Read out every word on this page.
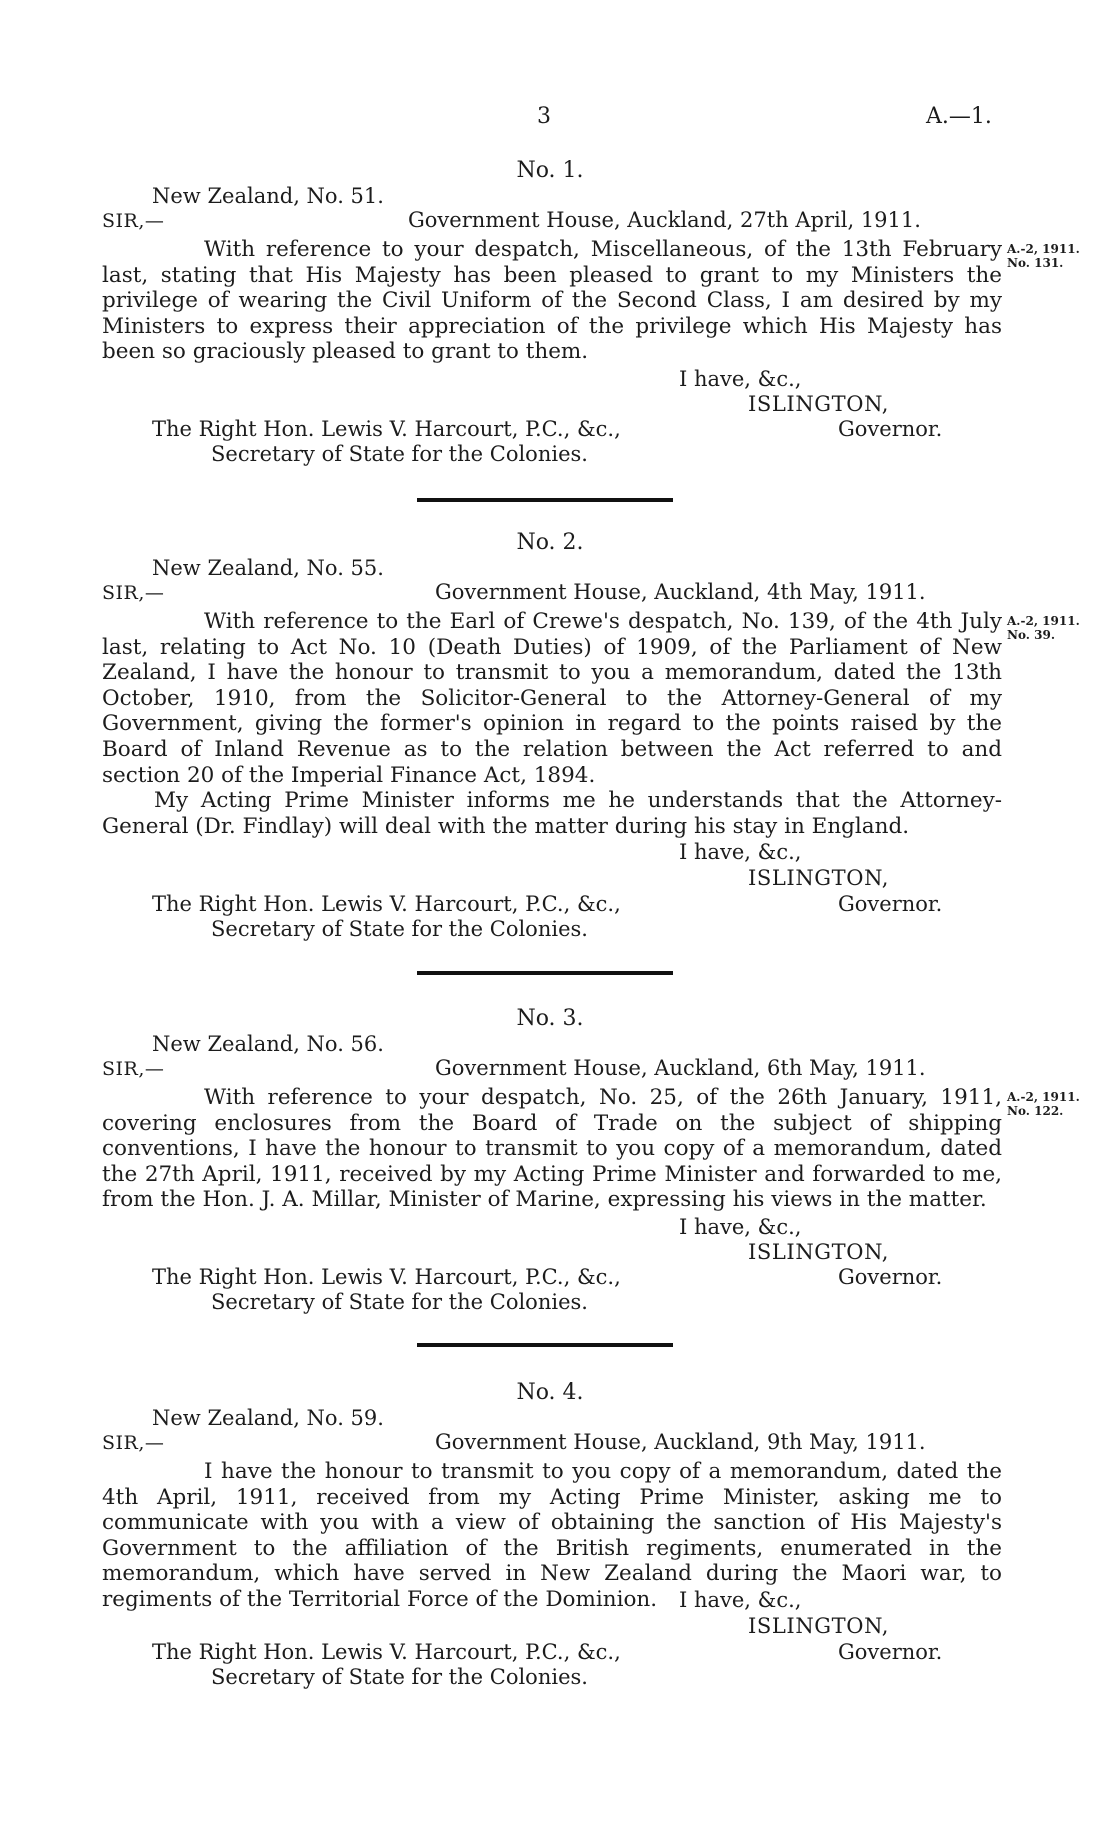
3	A.—1.
No. 1.
New Zealand, No. 51.
SIR,—	Government House, Auckland, 27th April, 1911.

With reference to your despatch, Miscellaneous, of the 13th February last, stating that His Majesty has been pleased to grant to my Ministers the privilege of wearing the Civil Uniform of the Second Class, I am desired by my Ministers to express their appreciation of the privilege which His Majesty has been so graciously pleased to grant to them.

A.-2, 1911.
No. 131.
I have, &c.,
ISLINGTON,
Governor.
The Right Hon. Lewis V. Harcourt, P.C., &c.,
Secretary of State for the Colonies.
No. 2.
New Zealand, No. 55.
SIR,—	Government House, Auckland, 4th May, 1911.

With reference to the Earl of Crewe's despatch, No. 139, of the 4th July last, relating to Act No. 10 (Death Duties) of 1909, of the Parliament of New Zealand, I have the honour to transmit to you a memorandum, dated the 13th October, 1910, from the Solicitor-General to the Attorney-General of my Government, giving the former's opinion in regard to the points raised by the Board of Inland Revenue as to the relation between the Act referred to and section 20 of the Imperial Finance Act, 1894.

My Acting Prime Minister informs me he understands that the Attorney-General (Dr. Findlay) will deal with the matter during his stay in England.

A.-2, 1911.
No. 39.
I have, &c.,
ISLINGTON,
Governor.
The Right Hon. Lewis V. Harcourt, P.C., &c.,
Secretary of State for the Colonies.
No. 3.
New Zealand, No. 56.
SIR,—	Government House, Auckland, 6th May, 1911.

With reference to your despatch, No. 25, of the 26th January, 1911, covering enclosures from the Board of Trade on the subject of shipping conventions, I have the honour to transmit to you copy of a memorandum, dated the 27th April, 1911, received by my Acting Prime Minister and forwarded to me, from the Hon. J. A. Millar, Minister of Marine, expressing his views in the matter.

A.-2, 1911.
No. 122.
I have, &c.,
ISLINGTON,
Governor.
The Right Hon. Lewis V. Harcourt, P.C., &c.,
Secretary of State for the Colonies.
No. 4.
New Zealand, No. 59.
SIR,—	Government House, Auckland, 9th May, 1911.

I have the honour to transmit to you copy of a memorandum, dated the 4th April, 1911, received from my Acting Prime Minister, asking me to communicate with you with a view of obtaining the sanction of His Majesty's Government to the affiliation of the British regiments, enumerated in the memorandum, which have served in New Zealand during the Maori war, to regiments of the Territorial Force of the Dominion.	I have, &c.,
ISLINGTON,
Governor.
The Right Hon. Lewis V. Harcourt, P.C., &c.,
Secretary of State for the Colonies.
